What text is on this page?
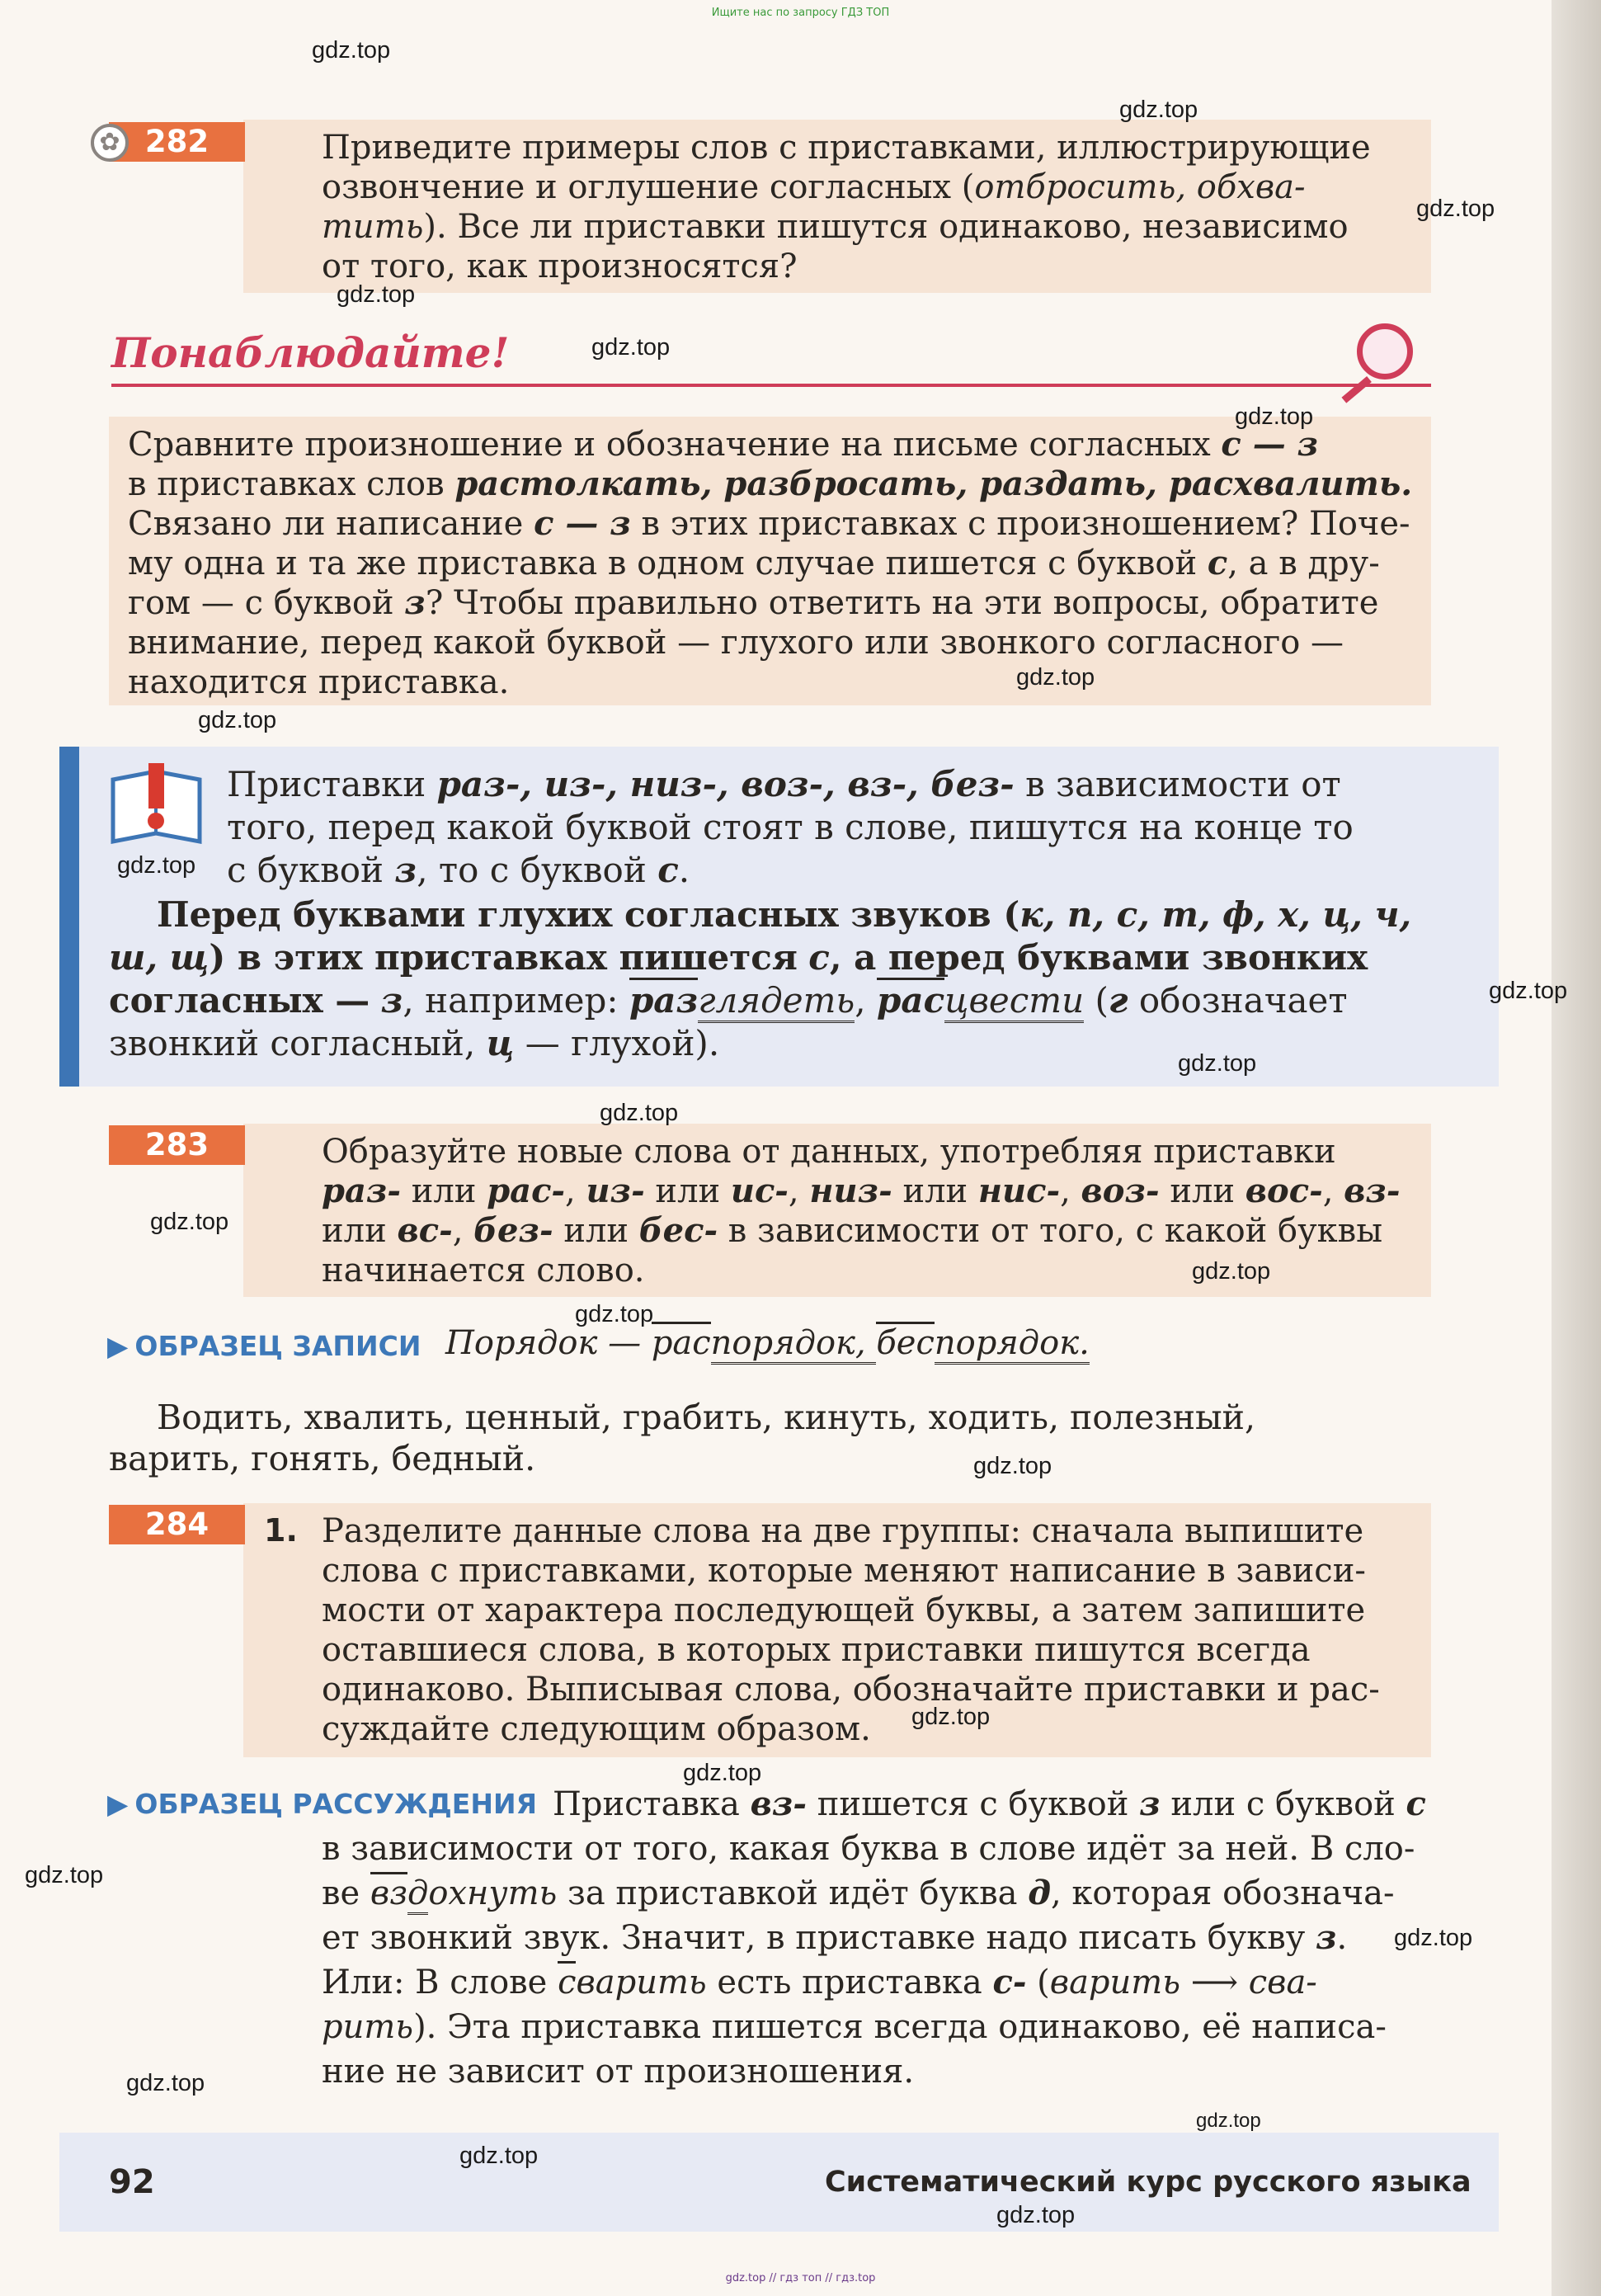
Ищите нас по запросу ГДЗ ТОП
282
✿	Приведите примеры слов с приставками, иллюстрирующие
озвончение и оглушение согласных (отбросить, обхва-
тить). Все ли приставки пишутся одинаково, независимо
от того, как произносятся?
Понаблюдайте!
Сравните произношение и обозначение на письме согласных с — з
в приставках слов растолкать, разбросать, раздать, расхвалить.
Связано ли написание с — з в этих приставках с произношением? Поче-
му одна и та же приставка в одном случае пишется с буквой с, а в дру-
гом — с буквой з? Чтобы правильно ответить на эти вопросы, обратите
внимание, перед какой буквой — глухого или звонкого согласного —
находится приставка.
Приставки раз-, из-, низ-, воз-, вз-, без- в зависимости от
того, перед какой буквой стоят в слове, пишутся на конце то
с буквой з, то с буквой с.
Перед буквами глухих согласных звуков (к, п, с, т, ф, х, ц, ч,
ш, щ) в этих приставках пишется с, а перед буквами звонких
согласных — з, например: разглядеть, расцвести (г обозначает
звонкий согласный, ц — глухой).
283	Образуйте новые слова от данных, употребляя приставки
раз- или рас-, из- или ис-, низ- или нис-, воз- или вос-, вз-
или вс-, без- или бес- в зависимости от того, с какой буквы
начинается слово.
▶ ОБРАЗЕЦ ЗАПИСИ Порядок — распорядок, беспорядок.
Водить, хвалить, ценный, грабить, кинуть, ходить, полезный,
варить, гонять, бедный.
284	1. Разделите данные слова на две группы: сначала выпишите
слова с приставками, которые меняют написание в зависи-
мости от характера последующей буквы, а затем запишите
оставшиеся слова, в которых приставки пишутся всегда
одинаково. Выписывая слова, обозначайте приставки и рас-
суждайте следующим образом.
▶ ОБРАЗЕЦ РАССУЖДЕНИЯ Приставка вз- пишется с буквой з или с буквой с
в зависимости от того, какая буква в слове идёт за ней. В сло-
ве вздохнуть за приставкой идёт буква д, которая обознача-
ет звонкий звук. Значит, в приставке надо писать букву з.
Или: В слове сварить есть приставка с- (варить ⟶ сва-
рить). Эта приставка пишется всегда одинаково, её написа-
ние не зависит от произношения.
92	Систематический курс русского языка
gdz.top
gdz.top
gdz.top
gdz.top
gdz.top
gdz.top
gdz.top
gdz.top
gdz.top
gdz.top
gdz.top
gdz.top
gdz.top
gdz.top
gdz.top
gdz.top
gdz.top
gdz.top
gdz.top
gdz.top
gdz.top
gdz.top
gdz.top
gdz.top
gdz.top // гдз топ // гдз.top
